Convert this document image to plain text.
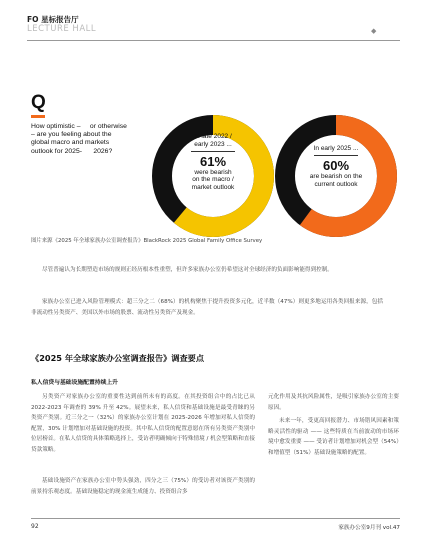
FO 星标报告厅
LECTURE HALL	◆
Q
How optimistic –     or otherwise
– are you feeling about the
global macro and markets
outlook for 2025-      2026?
In late 2022 /
early 2023 ...
61%
were bearish
on the macro /
market outlook
In early 2025 ...
60%
are bearish on the
current outlook
图片来源《2025 年全球家族办公室调查报告》BlackRock 2025 Global Family Office Survey
尽管普遍认为长期塑造市场的规则正经历根本性重塑，但许多家族办公室仍希望这对全球经济的负面影响能得到控制。
家族办公室已进入风险管理模式：超三分之二（68%）的机构聚焦于提升投资多元化，近半数（47%）则更多地运用各类回报来源，包括非流动性另类资产、美国以外市场的股票、流动性另类资产及现金。
《2025 年全球家族办公室调查报告》调查要点
私人信贷与基础设施配置持续上升
另类资产对家族办公室的重要性达到前所未有的高度。在其投资组合中的占比已从 2022-2023 年调查的 39% 升至 42%。展望未来，私人信贷和基础设施是最受青睐的另类资产类别。近三分之一（32%）的家族办公室计划在 2025-2026 年增加对私人信贷的配置，30% 计划增加对基础设施的投资。其中私人信贷的配置意愿在所有另类资产类别中位居榜首。在私人信贷的具体策略选择上，受访者明确倾向于特殊情境 / 机会型策略和直接贷款策略。
基础设施资产在家族办公室中势头强劲，四分之三（75%）的受访者对该资产类别的前景持乐观态度。基础设施稳定的现金流生成能力、投资组合多
元化作用及其抗风险属性，是吸引家族办公室的主要原因。
未来一年，受更高回报潜力、市场错风因素和策略灵活性的驱动 —— 这些特质在当前波动的市场环境中愈发重要 —— 受访者计划增加对机会型（54%）和增值型（51%）基础设施策略的配置。
92	家族办公室9月刊 vol.47
